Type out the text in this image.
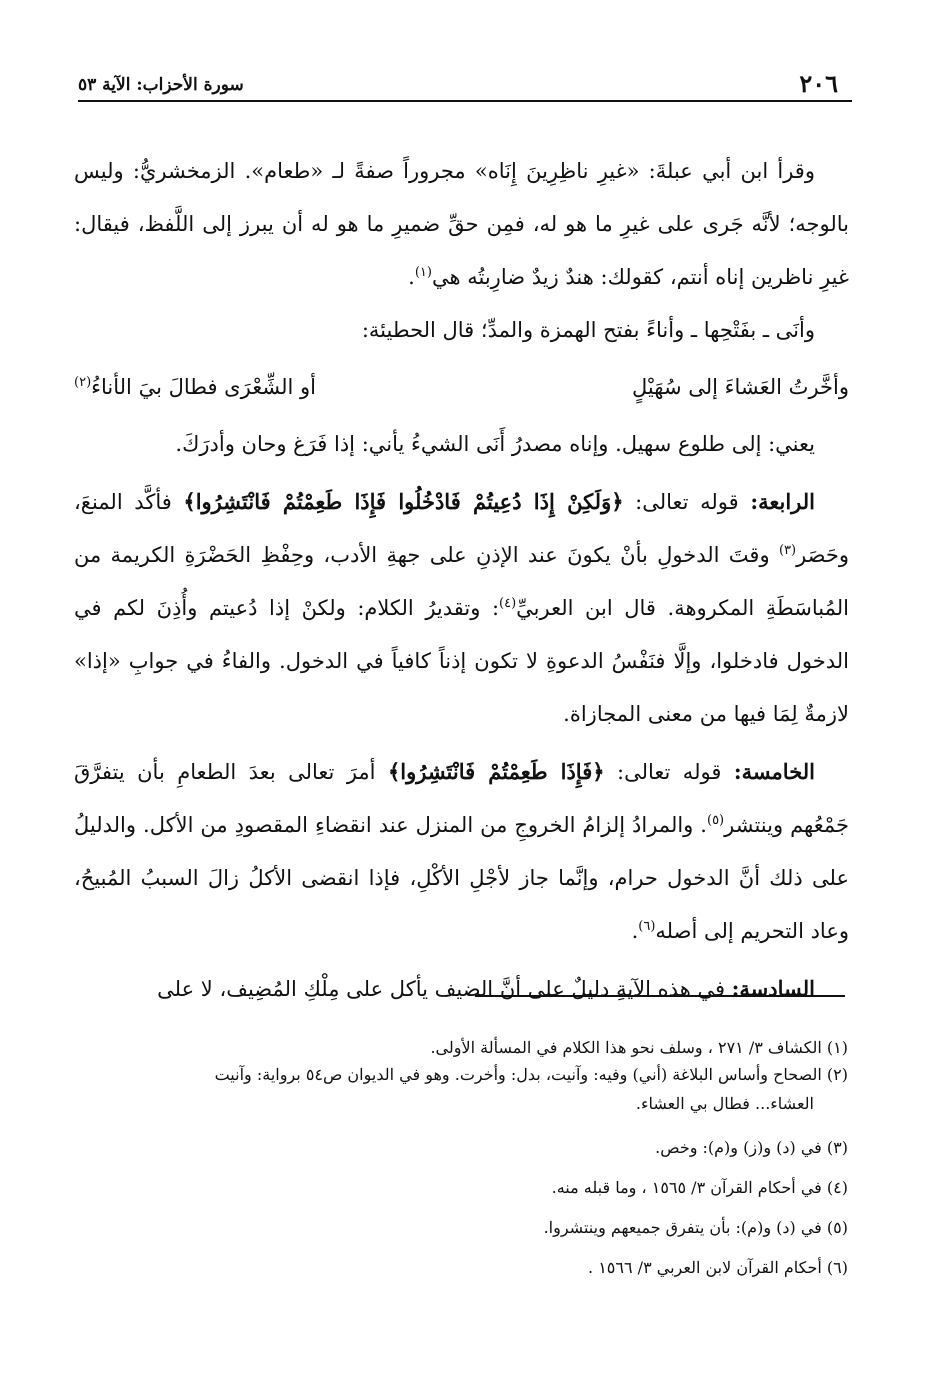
٢٠٦
سورة الأحزاب: الآية ٥٣

وقرأ ابن أبي عبلةَ: «غيرِ ناظِرِينَ إِنَاه» مجروراً صفةً لـ «طعام». الزمخشريُّ: وليس بالوجه؛ لأنَّه جَرى على غيرِ ما هو له، فمِن حقِّ ضميرِ ما هو له أن يبرز إلى اللَّفظ، فيقال: غيرِ ناظرين إناه أنتم، كقولك: هندٌ زيدٌ ضارِبتُه هي$^{(١)}$.

وأنَى ـ بفَتْحِها ـ وأناءً بفتح الهمزة والمدِّ؛ قال الحطيئة:

وأخَّرتُ العَشاءَ إلى سُهَيْلٍ
أو الشِّعْرَى فطالَ بيَ الأناءُ$^{(٢)}$

يعني: إلى طلوع سهيل. وإناه مصدرُ أَنَى الشيءُ يأني: إذا فَرَغ وحان وأدرَكَ.

الرابعة: قوله تعالى: ﴿وَلَكِنْ إِذَا دُعِيتُمْ فَادْخُلُوا فَإِذَا طَعِمْتُمْ فَانْتَشِرُوا﴾ فأكَّد المنعَ، وحَصَر$^{(٣)}$ وقتَ الدخولِ بأنْ يكونَ عند الإذنِ على جهةِ الأدب، وحِفْظِ الحَضْرَةِ الكريمة من المُباسَطَةِ المكروهة. قال ابن العربيِّ$^{(٤)}$: وتقديرُ الكلام: ولكنْ إذا دُعيتم وأُذِنَ لكم في الدخول فادخلوا، وإلَّا فنَفْسُ الدعوةِ لا تكون إذناً كافياً في الدخول. والفاءُ في جوابِ «إذا» لازمةٌ لِمَا فيها من معنى المجازاة.

الخامسة: قوله تعالى: ﴿فَإِذَا طَعِمْتُمْ فَانْتَشِرُوا﴾ أمرَ تعالى بعدَ الطعامِ بأن يتفرَّقَ جَمْعُهم وينتشر$^{(٥)}$. والمرادُ إلزامُ الخروجِ من المنزل عند انقضاءِ المقصودِ من الأكل. والدليلُ على ذلك أنَّ الدخول حرام، وإنَّما جاز لأجْلِ الأكْلِ، فإذا انقضى الأكلُ زالَ السببُ المُبيحُ، وعاد التحريم إلى أصله$^{(٦)}$.

السادسة: في هذه الآيةِ دليلٌ على أنَّ الضيف يأكل على مِلْكِ المُضِيف، لا على

(١) الكشاف ٣/ ٢٧١ ، وسلف نحو هذا الكلام في المسألة الأولى.

(٢) الصحاح وأساس البلاغة (أني) وفيه: وآنيت، بدل: وأخرت. وهو في الديوان ص٥٤ برواية: وآنيت
العشاء... فطال بي العشاء.

(٣) في (د) و(ز) و(م): وخص.

(٤) في أحكام القرآن ٣/ ١٥٦٥ ، وما قبله منه.

(٥) في (د) و(م): بأن يتفرق جميعهم وينتشروا.

(٦) أحكام القرآن لابن العربي ٣/ ١٥٦٦ .
